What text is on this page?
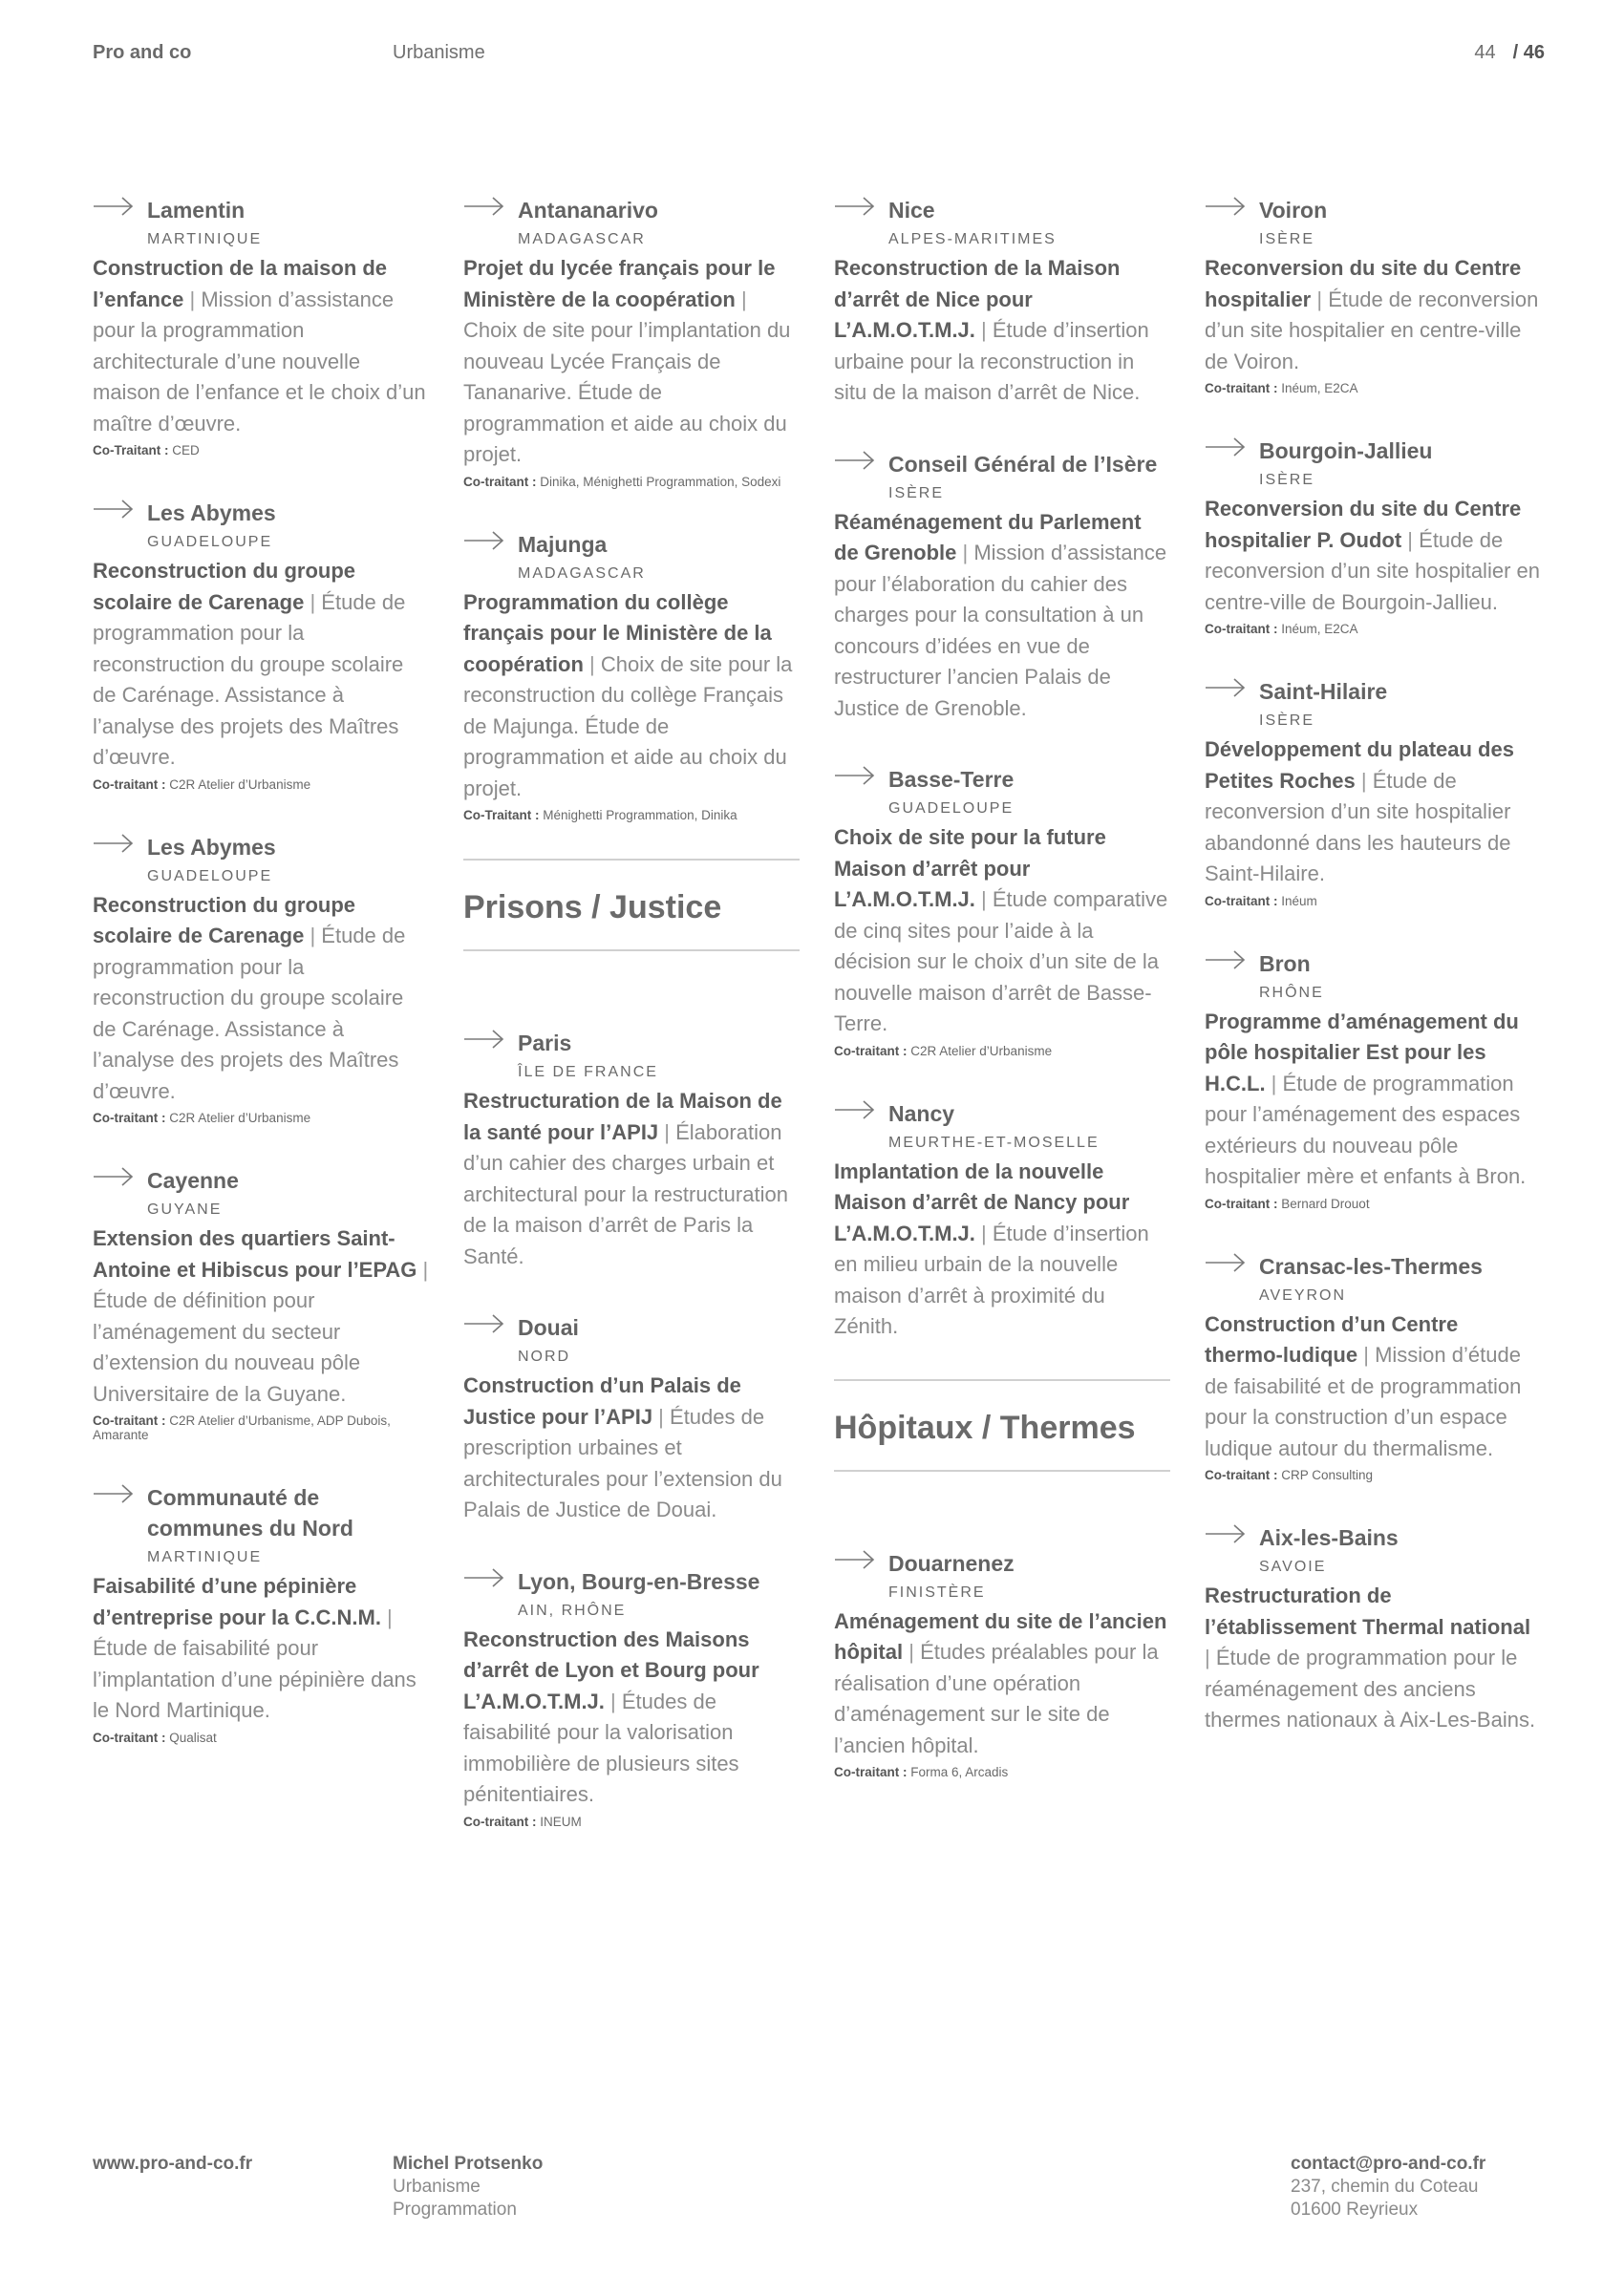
Pro and co	Urbanisme	44 / 46
Lamentin
MARTINIQUE
Construction de la maison de l’enfance | Mission d’assistance pour la programmation architecturale d’une nouvelle maison de l’enfance et le choix d’un maître d’œuvre.
Co-Traitant : CED
Les Abymes
GUADELOUPE
Reconstruction du groupe scolaire de Carenage | Étude de programmation pour la reconstruction du groupe scolaire de Carénage. Assistance à l’analyse des projets des Maîtres d’œuvre.
Co-traitant : C2R Atelier d’Urbanisme
Les Abymes
GUADELOUPE
Reconstruction du groupe scolaire de Carenage | Étude de programmation pour la reconstruction du groupe scolaire de Carénage. Assistance à l’analyse des projets des Maîtres d’œuvre.
Co-traitant : C2R Atelier d’Urbanisme
Cayenne
GUYANE
Extension des quartiers Saint-Antoine et Hibiscus pour l’EPAG | Étude de définition pour l’aménagement du secteur d’extension du nouveau pôle Universitaire de la Guyane.
Co-traitant : C2R Atelier d’Urbanisme, ADP Dubois, Amarante
Communauté de communes du Nord
MARTINIQUE
Faisabilité d’une pépinière d’entreprise pour la C.C.N.M. | Étude de faisabilité pour l’implantation d’une pépinière dans le Nord Martinique.
Co-traitant : Qualisat
Antananarivo
MADAGASCAR
Projet du lycée français pour le Ministère de la coopération | Choix de site pour l’implantation du nouveau Lycée Français de Tananarive. Étude de programmation et aide au choix du projet.
Co-traitant : Dinika, Ménighetti Programmation, Sodexi
Majunga
MADAGASCAR
Programmation du collège français pour le Ministère de la coopération | Choix de site pour la reconstruction du collège Français de Majunga. Étude de programmation et aide au choix du projet.
Co-Traitant : Ménighetti Programmation, Dinika
Prisons / Justice
Paris
ÎLE DE FRANCE
Restructuration de la Maison de la santé pour l’APIJ | Élaboration d’un cahier des charges urbain et architectural pour la restructuration de la maison d’arrêt de Paris la Santé.
Douai
NORD
Construction d’un Palais de Justice pour l’APIJ | Études de prescription urbaines et architecturales pour l’extension du Palais de Justice de Douai.
Lyon, Bourg-en-Bresse
AIN, RHÔNE
Reconstruction des Maisons d’arrêt de Lyon et Bourg pour L’A.M.O.T.M.J. | Études de faisabilité pour la valorisation immobilière de plusieurs sites pénitentiaires.
Co-traitant : INEUM
Nice
ALPES-MARITIMES
Reconstruction de la Maison d’arrêt de Nice pour L’A.M.O.T.M.J. | Étude d’insertion urbaine pour la reconstruction in situ de la maison d’arrêt de Nice.
Conseil Général de l’Isère
ISÈRE
Réaménagement du Parlement de Grenoble | Mission d’assistance pour l’élaboration du cahier des charges pour la consultation à un concours d’idées en vue de restructurer l’ancien Palais de Justice de Grenoble.
Basse-Terre
GUADELOUPE
Choix de site pour la future Maison d’arrêt pour L’A.M.O.T.M.J. | Étude comparative de cinq sites pour l’aide à la décision sur le choix d’un site de la nouvelle maison d’arrêt de Basse-Terre.
Co-traitant : C2R Atelier d’Urbanisme
Nancy
MEURTHE-ET-MOSELLE
Implantation de la nouvelle Maison d’arrêt de Nancy pour L’A.M.O.T.M.J. | Étude d’insertion en milieu urbain de la nouvelle maison d’arrêt à proximité du Zénith.
Hôpitaux / Thermes
Douarnenez
FINISTÈRE
Aménagement du site de l’ancien hôpital | Études préalables pour la réalisation d’une opération d’aménagement sur le site de l’ancien hôpital.
Co-traitant : Forma 6, Arcadis
Voiron
ISÈRE
Reconversion du site du Centre hospitalier | Étude de reconversion d’un site hospitalier en centre-ville de Voiron.
Co-traitant : Inéum, E2CA
Bourgoin-Jallieu
ISÈRE
Reconversion du site du Centre hospitalier P. Oudot | Étude de reconversion d’un site hospitalier en centre-ville de Bourgoin-Jallieu.
Co-traitant : Inéum, E2CA
Saint-Hilaire
ISÈRE
Développement du plateau des Petites Roches | Étude de reconversion d’un site hospitalier abandonné dans les hauteurs de Saint-Hilaire.
Co-traitant : Inéum
Bron
RHÔNE
Programme d’aménagement du pôle hospitalier Est pour les H.C.L. | Étude de programmation pour l’aménagement des espaces extérieurs du nouveau pôle hospitalier mère et enfants à Bron.
Co-traitant : Bernard Drouot
Cransac-les-Thermes
AVEYRON
Construction d’un Centre thermo-ludique | Mission d’étude de faisabilité et de programmation pour la construction d’un espace ludique autour du thermalisme.
Co-traitant : CRP Consulting
Aix-les-Bains
SAVOIE
Restructuration de l’établissement Thermal national | Étude de programmation pour le réaménagement des anciens thermes nationaux à Aix-Les-Bains.
www.pro-and-co.fr	Michel Protsenko
Urbanisme
Programmation
contact@pro-and-co.fr
237, chemin du Coteau
01600 Reyrieux
